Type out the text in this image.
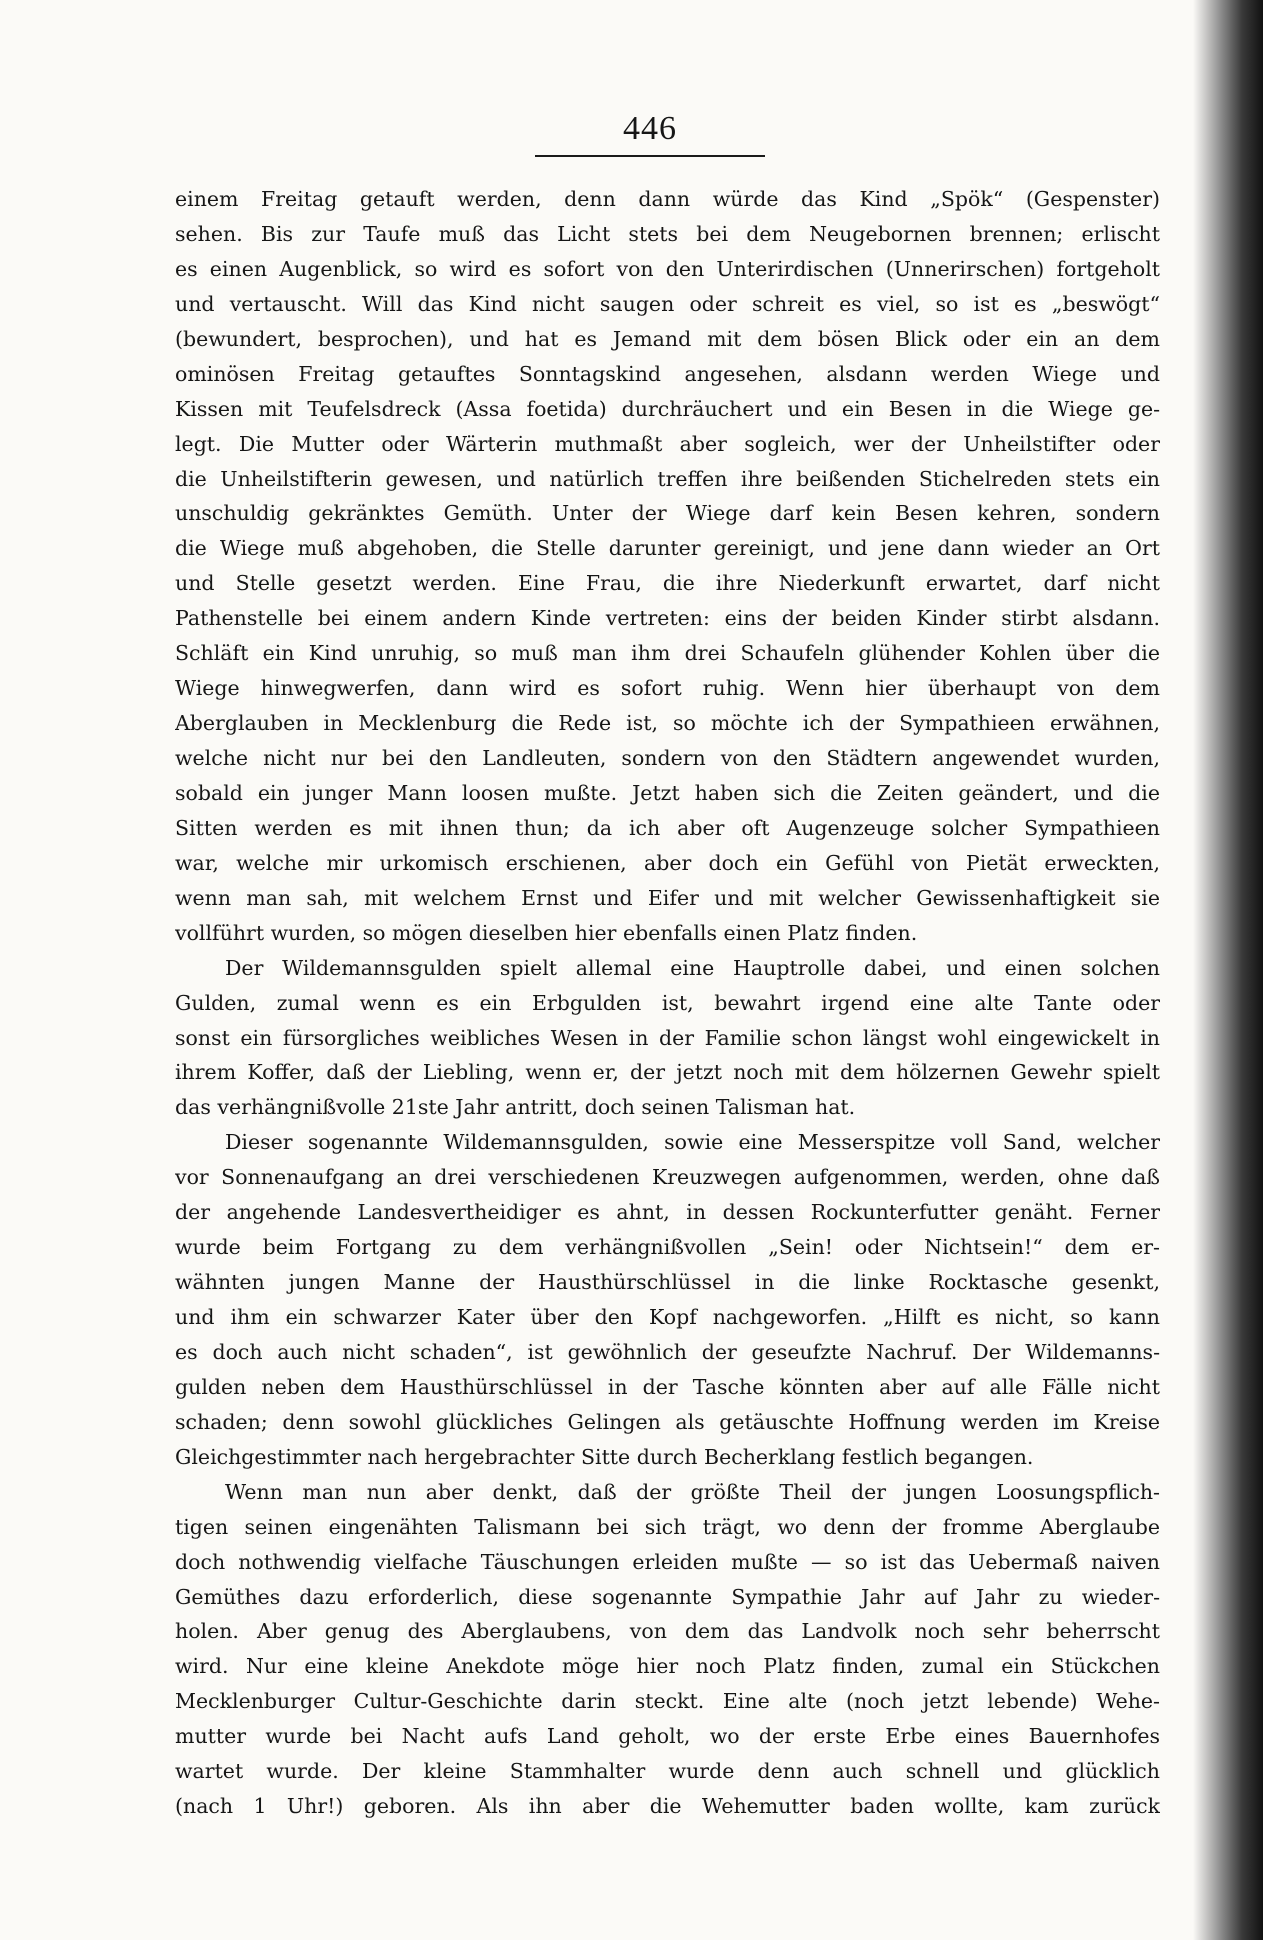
446
einem Freitag getauft werden, denn dann würde das Kind „Spök“ (Gespenster)
sehen. Bis zur Taufe muß das Licht stets bei dem Neugebornen brennen; erlischt
es einen Augenblick, so wird es sofort von den Unterirdischen (Unnerirschen) fortgeholt
und vertauscht. Will das Kind nicht saugen oder schreit es viel, so ist es „beswögt“
(bewundert, besprochen), und hat es Jemand mit dem bösen Blick oder ein an dem
ominösen Freitag getauftes Sonntagskind angesehen, alsdann werden Wiege und
Kissen mit Teufelsdreck (Assa foetida) durchräuchert und ein Besen in die Wiege ge-
legt. Die Mutter oder Wärterin muthmaßt aber sogleich, wer der Unheilstifter oder
die Unheilstifterin gewesen, und natürlich treffen ihre beißenden Stichelreden stets ein
unschuldig gekränktes Gemüth. Unter der Wiege darf kein Besen kehren, sondern
die Wiege muß abgehoben, die Stelle darunter gereinigt, und jene dann wieder an Ort
und Stelle gesetzt werden. Eine Frau, die ihre Niederkunft erwartet, darf nicht
Pathenstelle bei einem andern Kinde vertreten: eins der beiden Kinder stirbt alsdann.
Schläft ein Kind unruhig, so muß man ihm drei Schaufeln glühender Kohlen über die
Wiege hinwegwerfen, dann wird es sofort ruhig. Wenn hier überhaupt von dem
Aberglauben in Mecklenburg die Rede ist, so möchte ich der Sympathieen erwähnen,
welche nicht nur bei den Landleuten, sondern von den Städtern angewendet wurden,
sobald ein junger Mann loosen mußte. Jetzt haben sich die Zeiten geändert, und die
Sitten werden es mit ihnen thun; da ich aber oft Augenzeuge solcher Sympathieen
war, welche mir urkomisch erschienen, aber doch ein Gefühl von Pietät erweckten,
wenn man sah, mit welchem Ernst und Eifer und mit welcher Gewissenhaftigkeit sie
vollführt wurden, so mögen dieselben hier ebenfalls einen Platz finden.
Der Wildemannsgulden spielt allemal eine Hauptrolle dabei, und einen solchen
Gulden, zumal wenn es ein Erbgulden ist, bewahrt irgend eine alte Tante oder
sonst ein fürsorgliches weibliches Wesen in der Familie schon längst wohl eingewickelt in
ihrem Koffer, daß der Liebling, wenn er, der jetzt noch mit dem hölzernen Gewehr spielt
das verhängnißvolle 21ste Jahr antritt, doch seinen Talisman hat.
Dieser sogenannte Wildemannsgulden, sowie eine Messerspitze voll Sand, welcher
vor Sonnenaufgang an drei verschiedenen Kreuzwegen aufgenommen, werden, ohne daß
der angehende Landesvertheidiger es ahnt, in dessen Rockunterfutter genäht. Ferner
wurde beim Fortgang zu dem verhängnißvollen „Sein! oder Nichtsein!“ dem er-
wähnten jungen Manne der Hausthürschlüssel in die linke Rocktasche gesenkt,
und ihm ein schwarzer Kater über den Kopf nachgeworfen. „Hilft es nicht, so kann
es doch auch nicht schaden“, ist gewöhnlich der geseufzte Nachruf. Der Wildemanns-
gulden neben dem Hausthürschlüssel in der Tasche könnten aber auf alle Fälle nicht
schaden; denn sowohl glückliches Gelingen als getäuschte Hoffnung werden im Kreise
Gleichgestimmter nach hergebrachter Sitte durch Becherklang festlich begangen.
Wenn man nun aber denkt, daß der größte Theil der jungen Loosungspflich-
tigen seinen eingenähten Talismann bei sich trägt, wo denn der fromme Aberglaube
doch nothwendig vielfache Täuschungen erleiden mußte — so ist das Uebermaß naiven
Gemüthes dazu erforderlich, diese sogenannte Sympathie Jahr auf Jahr zu wieder-
holen. Aber genug des Aberglaubens, von dem das Landvolk noch sehr beherrscht
wird. Nur eine kleine Anekdote möge hier noch Platz finden, zumal ein Stückchen
Mecklenburger Cultur-Geschichte darin steckt. Eine alte (noch jetzt lebende) Wehe-
mutter wurde bei Nacht aufs Land geholt, wo der erste Erbe eines Bauernhofes
wartet wurde. Der kleine Stammhalter wurde denn auch schnell und glücklich
(nach 1 Uhr!) geboren. Als ihn aber die Wehemutter baden wollte, kam zurück
